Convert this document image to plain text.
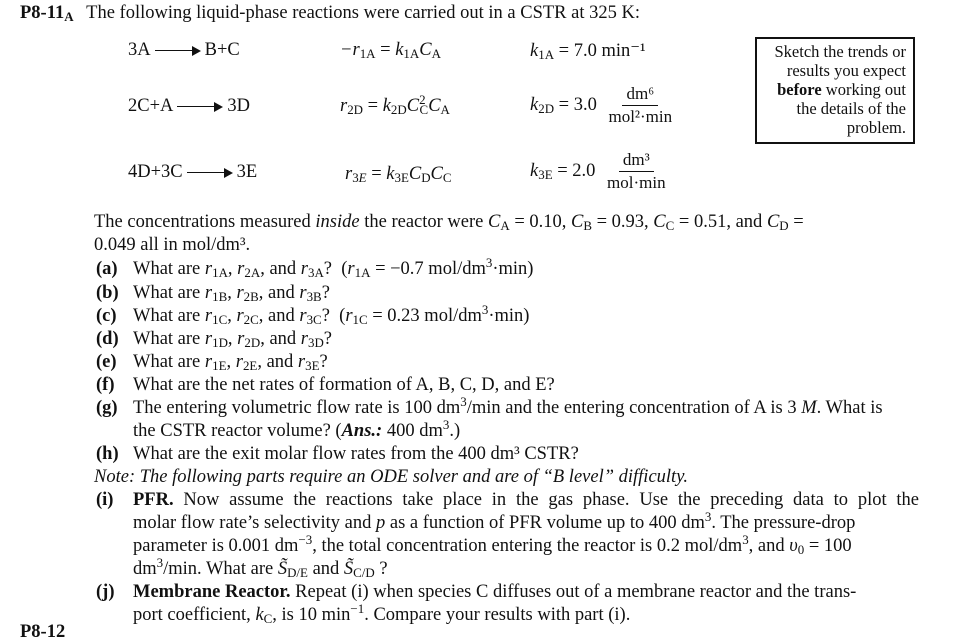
$P8-11_A$ The following liquid-phase reactions were carried out in a CSTR at 325 K:
3A	B+C	$-r_{1A} = k_{1A}C_A$	$k_{1A} = 7.0$ min⁻¹
2C+A	3D	$r_{2D} = k_{2D}C^2_CC_A$	$k_{2D} = 3.0 \frac{\text{dm⁶}}{\text{mol²·min}}$
4D+3C	3E	$r_{3E} = k_{3E}C_DC_C$	$k_{3E} = 2.0 \frac{\text{dm³}}{\text{mol·min}}$
Sketch the trends or
results you expect
before working out
the details of the
problem.
The concentrations measured inside the reactor were $C_A = 0.10$, $C_B = 0.93$, $C_C = 0.51$, and $C_D$ =
0.049 all in mol/dm³.
(a) What are $r_{1A}$, $r_{2A}$, and $r_{3A}$?  ($r_{1A} = -0.7$ mol/$dm^3\cdot\min$)
(b) What are $r_{1B}$, $r_{2B}$, and $r_{3B}$?
(c) What are $r_{1C}$, $r_{2C}$, and $r_{3C}$?  ($r_{1C} = 0.23$ mol/$dm^3\cdot\min$)
(d) What are $r_{1D}$, $r_{2D}$, and $r_{3D}$?
(e) What are $r_{1E}$, $r_{2E}$, and $r_{3E}$?
(f) What are the net rates of formation of A, B, C, D, and E?
(g) The entering volumetric flow rate is 100 $dm^3/\min$ and the entering concentration of A is 3 M. What is
the CSTR reactor volume? (Ans.: 400 $dm^3$.)
(h) What are the exit molar flow rates from the 400 dm³ CSTR?
Note: The following parts require an ODE solver and are of “B level” difficulty.
(i) PFR. Now assume the reactions take place in the gas phase. Use the preceding data to plot the
molar flow rate’s selectivity and p as a function of PFR volume up to 400 $dm^3$. The pressure-drop
parameter is 0.001 $dm^{-3}$, the total concentration entering the reactor is 0.2 mol/$dm^3$, and $\upsilon_0 = 100$
$dm^3/\min$. What are $S̃_{D/E}$ and $S̃_{C/D}$ ?
(j) Membrane Reactor. Repeat (i) when species C diffuses out of a membrane reactor and the trans-
port coefficient, $k_C$, is 10 $\min^{-1}$. Compare your results with part (i).
P8-12
